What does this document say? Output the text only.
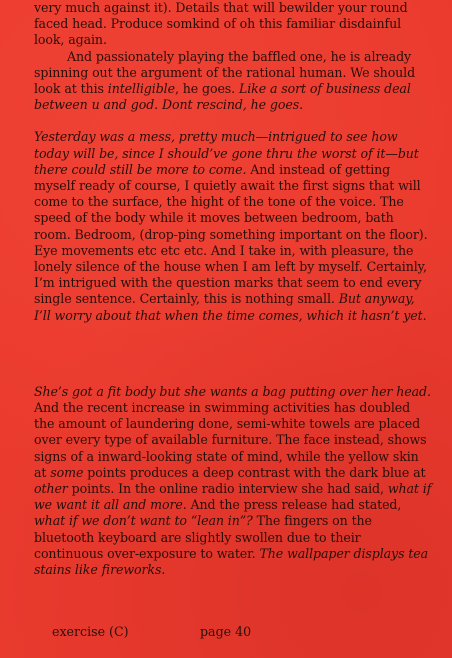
very much against it). Details that will bewilder your round faced head. Produce somkind of oh this familiar disdainful look, again.

And passionately playing the baffled one, he is already spinning out the argument of the rational human. We should look at this intelligible, he goes. Like a sort of business deal between u and god. Dont rescind, he goes.

Yesterday was a mess, pretty much—intrigued to see how today will be, since I should’ve gone thru the worst of it—but there could still be more to come. And instead of getting myself ready of course, I quietly await the first signs that will come to the surface, the hight of the tone of the voice. The speed of the body while it moves between bedroom, bath room. Bedroom, (drop-ping something important on the floor). Eye movements etc etc etc. And I take in, with pleasure, the lonely silence of the house when I am left by myself. Certainly, I’m intrigued with the question marks that seem to end every single sentence. Certainly, this is nothing small. But anyway, I’ll worry about that when the time comes, which it hasn’t yet.

She’s got a fit body but she wants a bag putting over her head. And the recent increase in swimming activities has doubled the amount of laundering done, semi-white towels are placed over every type of available furniture. The face instead, shows signs of a inward-looking state of mind, while the yellow skin at some points produces a deep contrast with the dark blue at other points. In the online radio interview she had said, what if we want it all and more. And the press release had stated,
what if we don’t want to “lean in”? The fingers on the bluetooth keyboard are slightly swollen due to their continuous over-exposure to water. The wallpaper displays tea stains like fireworks.

exercise (C)	page 40
